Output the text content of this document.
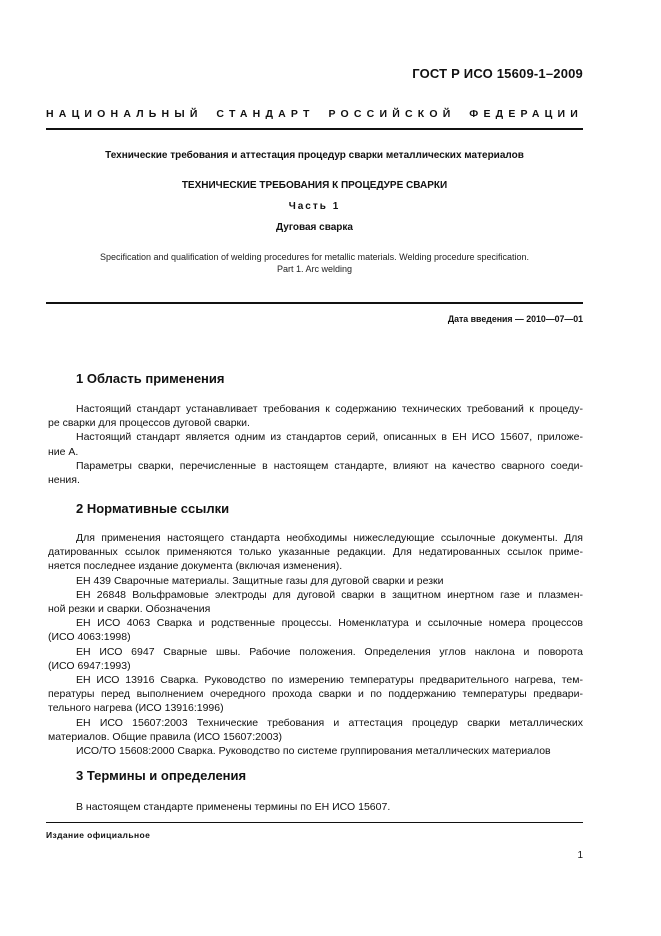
ГОСТ Р ИСО 15609-1–2009
НАЦИОНАЛЬНЫЙ СТАНДАРТ РОССИЙСКОЙ ФЕДЕРАЦИИ
Технические требования и аттестация процедур сварки металлических материалов
ТЕХНИЧЕСКИЕ ТРЕБОВАНИЯ К ПРОЦЕДУРЕ СВАРКИ
Часть 1
Дуговая сварка
Specification and qualification of welding procedures for metallic materials. Welding procedure specification.
Part 1. Arc welding
Дата введения — 2010—07—01
1 Область применения
Настоящий стандарт устанавливает требования к содержанию технических требований к процеду-
ре сварки для процессов дуговой сварки.
Настоящий стандарт является одним из стандартов серий, описанных в ЕН ИСО 15607, приложе-
ние А.
Параметры сварки, перечисленные в настоящем стандарте, влияют на качество сварного соеди-
нения.
2 Нормативные ссылки
Для применения настоящего стандарта необходимы нижеследующие ссылочные документы. Для
датированных ссылок применяются только указанные редакции. Для недатированных ссылок приме-
няется последнее издание документа (включая изменения).
ЕН 439 Сварочные материалы. Защитные газы для дуговой сварки и резки
ЕН 26848 Вольфрамовые электроды для дуговой сварки в защитном инертном газе и плазмен-
ной резки и сварки. Обозначения
ЕН ИСО 4063 Сварка и родственные процессы. Номенклатура и ссылочные номера процессов
(ИСО 4063:1998)
ЕН ИСО 6947 Сварные швы. Рабочие положения. Определения углов наклона и поворота
(ИСО 6947:1993)
ЕН ИСО 13916 Сварка. Руководство по измерению температуры предварительного нагрева, тем-
пературы перед выполнением очередного прохода сварки и по поддержанию температуры предвари-
тельного нагрева (ИСО 13916:1996)
ЕН ИСО 15607:2003 Технические требования и аттестация процедур сварки металлических
материалов. Общие правила (ИСО 15607:2003)
ИСО/ТО 15608:2000 Сварка. Руководство по системе группирования металлических материалов
3 Термины и определения
В настоящем стандарте применены термины по ЕН ИСО 15607.
Издание официальное
1
